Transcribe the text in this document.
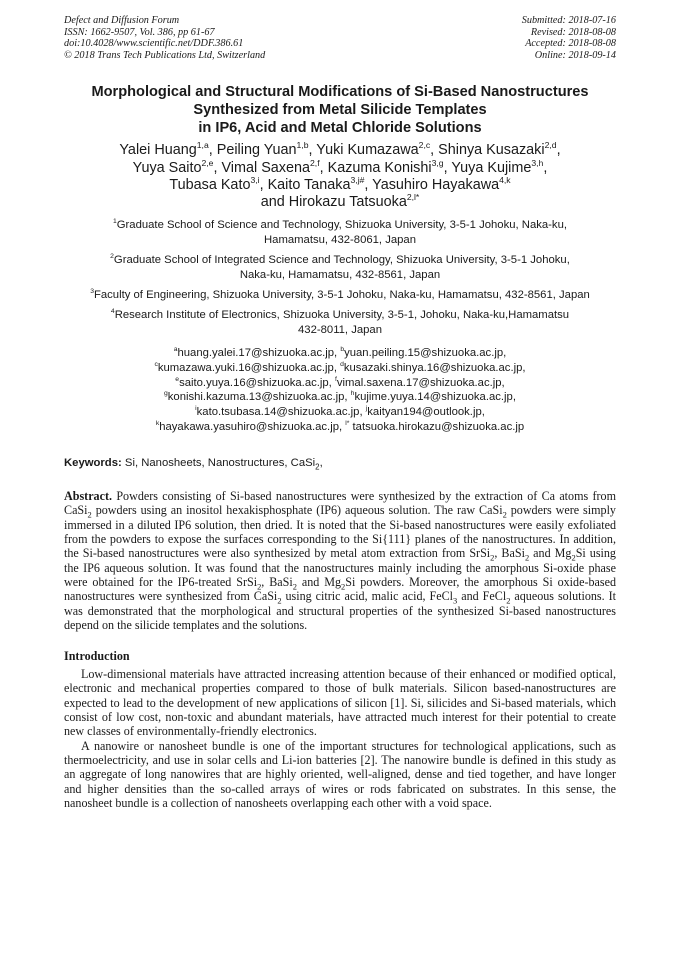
Defect and Diffusion Forum
ISSN: 1662-9507, Vol. 386, pp 61-67
doi:10.4028/www.scientific.net/DDF.386.61
© 2018 Trans Tech Publications Ltd, Switzerland
Submitted: 2018-07-16
Revised: 2018-08-08
Accepted: 2018-08-08
Online: 2018-09-14
Morphological and Structural Modifications of Si-Based Nanostructures
Synthesized from Metal Silicide Templates
in IP6, Acid and Metal Chloride Solutions
Yalei Huang$^{1,a}$, Peiling Yuan$^{1,b}$, Yuki Kumazawa$^{2,c}$, Shinya Kusazaki$^{2,d}$,
Yuya Saito$^{2,e}$, Vimal Saxena$^{2,f}$, Kazuma Konishi$^{3,g}$, Yuya Kujime$^{3,h}$,
Tubasa Kato$^{3,i}$, Kaito Tanaka$^{3,j\#}$, Yasuhiro Hayakawa$^{4,k}$
and Hirokazu Tatsuoka$^{2,l*}$
$^1$Graduate School of Science and Technology, Shizuoka University, 3-5-1 Johoku, Naka-ku,
Hamamatsu, 432-8061, Japan
$^2$Graduate School of Integrated Science and Technology, Shizuoka University, 3-5-1 Johoku,
Naka-ku, Hamamatsu, 432-8561, Japan
$^3$Faculty of Engineering, Shizuoka University, 3-5-1 Johoku, Naka-ku, Hamamatsu, 432-8561, Japan
$^4$Research Institute of Electronics, Shizuoka University, 3-5-1, Johoku, Naka-ku,Hamamatsu
432-8011, Japan
$^a$huang.yalei.17@shizuoka.ac.jp, $^b$yuan.peiling.15@shizuoka.ac.jp,
$^c$kumazawa.yuki.16@shizuoka.ac.jp, $^d$kusazaki.shinya.16@shizuoka.ac.jp,
$^e$saito.yuya.16@shizuoka.ac.jp, $^f$vimal.saxena.17@shizuoka.ac.jp,
$^g$konishi.kazuma.13@shizuoka.ac.jp, $^h$kujime.yuya.14@shizuoka.ac.jp,
$^i$kato.tsubasa.14@shizuoka.ac.jp, $^j$kaityan194@outlook.jp,
$^k$hayakawa.yasuhiro@shizuoka.ac.jp, $^{l*}$ tatsuoka.hirokazu@shizuoka.ac.jp
Keywords: Si, Nanosheets, Nanostructures, CaSi$_2$,
Abstract. Powders consisting of Si-based nanostructures were synthesized by the extraction of Ca atoms from CaSi$_2$ powders using an inositol hexakisphosphate (IP6) aqueous solution. The raw CaSi$_2$ powders were simply immersed in a diluted IP6 solution, then dried. It is noted that the Si-based nanostructures were easily exfoliated from the powders to expose the surfaces corresponding to the Si{111} planes of the nanostructures. In addition, the Si-based nanostructures were also synthesized by metal atom extraction from SrSi$_2$, BaSi$_2$ and $Mg_2Si$ using the IP6 aqueous solution. It was found that the nanostructures mainly including the amorphous Si-oxide phase were obtained for the IP6-treated SrSi$_2$, BaSi$_2$ and $Mg_2Si$ powders. Moreover, the amorphous Si oxide-based nanostructures were synthesized from CaSi$_2$ using citric acid, malic acid, FeCl$_3$ and FeCl$_2$ aqueous solutions. It was demonstrated that the morphological and structural properties of the synthesized Si-based nanostructures depend on the silicide templates and the solutions.
Introduction
Low-dimensional materials have attracted increasing attention because of their enhanced or modified optical, electronic and mechanical properties compared to those of bulk materials. Silicon based-nanostructures are expected to lead to the development of new applications of silicon [1]. Si, silicides and Si-based materials, which consist of low cost, non-toxic and abundant materials, have attracted much interest for their potential to create new classes of environmentally-friendly electronics.
A nanowire or nanosheet bundle is one of the important structures for technological applications, such as thermoelectricity, and use in solar cells and Li-ion batteries [2]. The nanowire bundle is defined in this study as an aggregate of long nanowires that are highly oriented, well-aligned, dense and tied together, and have longer and higher densities than the so-called arrays of wires or rods fabricated on substrates. In this sense, the nanosheet bundle is a collection of nanosheets overlapping each other with a void space.
